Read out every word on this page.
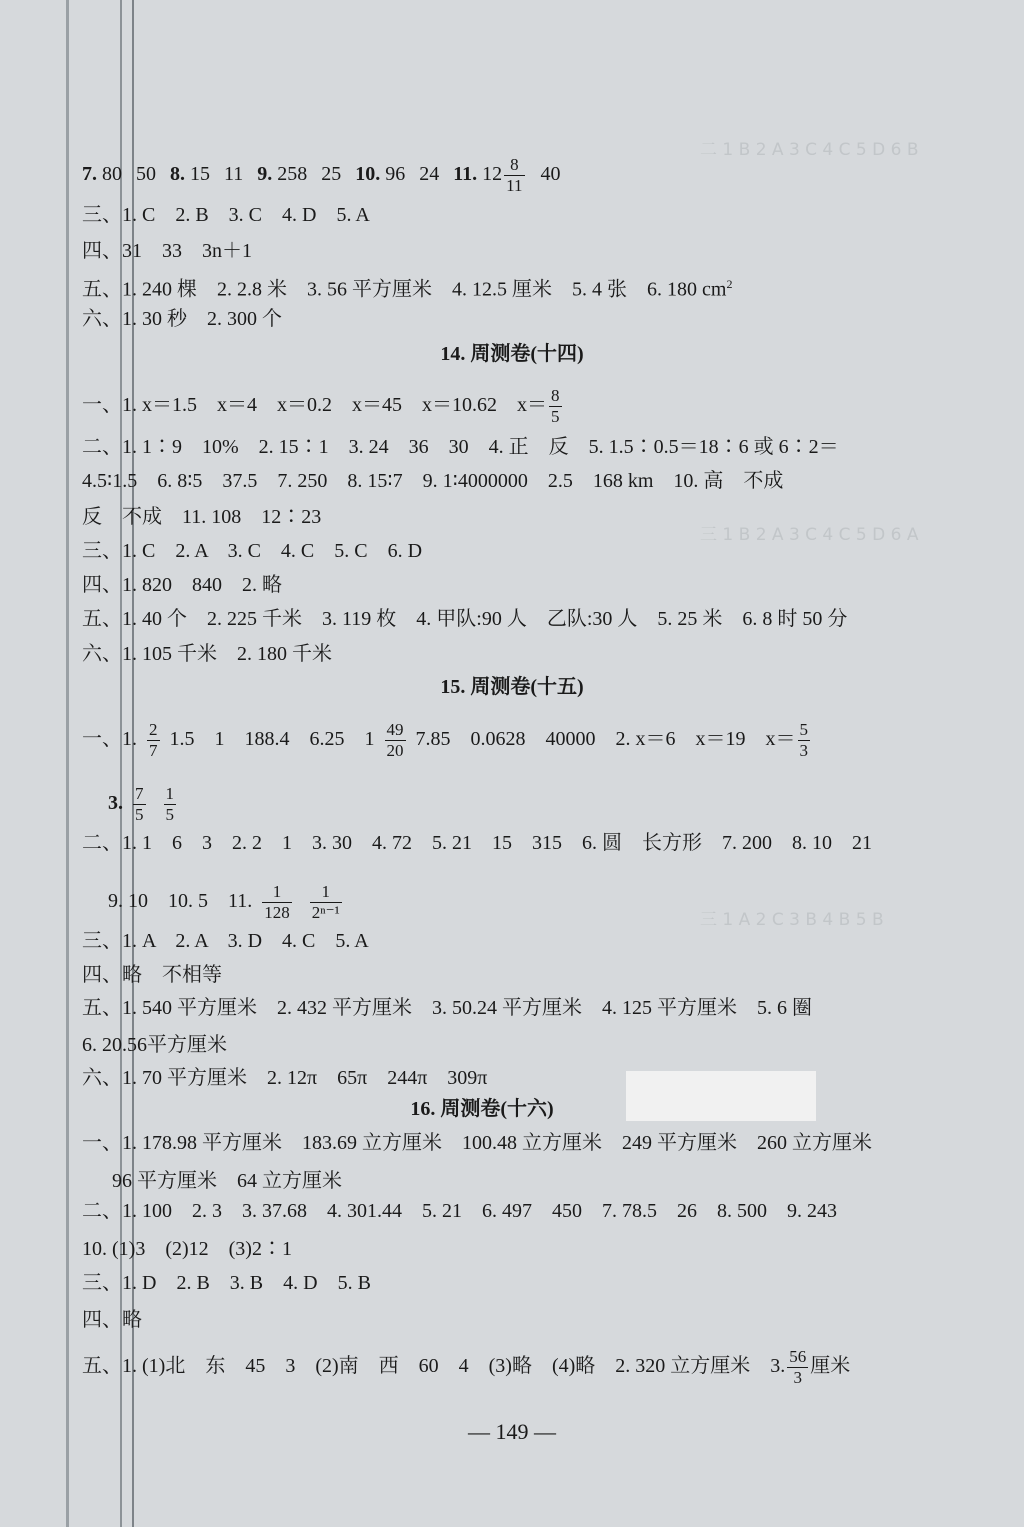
二 1 B 2 A 3 C 4 C 5 D 6 B
三 1 B 2 A 3 C 4 C 5 D 6 A
三 1 A 2 C 3 B 4 B 5 B
7. 80 50 8. 15 11 9. 258 25 10. 96 24 11. $12 \frac{8}{11} 40$
三、1. C　2. B　3. C　4. D　5. A
四、31　33　3n＋1
五、1. 240 棵　2. 2.8 米　3. 56 平方厘米　4. 12.5 厘米　5. 4 张　6. 180 $cm^2$
六、1. 30 秒　2. 300 个
14. 周测卷(十四)
一、1. x＝1.5　x＝4　x＝0.2　x＝45　x＝10.62　$x= \frac{8}{5}$
二、1. 1∶9　10%　2. 15∶1　3. 24　36　30　4. 正　反　5. 1.5∶0.5＝18∶6 或 6∶2＝
4.5∶1.5　6. 8∶5　37.5　7. 250　8. 15∶7　9. 1∶4000000　2.5　168 km　10. 高　不成
反　不成　11. 108　12∶23
三、1. C　2. A　3. C　4. C　5. C　6. D
四、1. 820　840　2. 略
五、1. 40 个　2. 225 千米　3. 119 枚　4. 甲队:90 人　乙队:30 人　5. 25 米　6. 8 时 50 分
六、1. 105 千米　2. 180 千米
15. 周测卷(十五)
一、1. $\frac{2}{7} 1.5$　1　188.4　6.25　$1 \frac{49}{20} 7.85$　0.0628　40000　2. x＝6　x＝19　$x= \frac{5}{3}$
3. $\frac{7}{5} \frac{1}{5}$
二、1. 1　6　3　2. 2　1　3. 30　4. 72　5. 21　15　315　6. 圆　长方形　7. 200　8. 10　21
9. 10　10. 5　11. $\frac{1}{128} \frac{1}{\text{2ⁿ⁻¹}}$
三、1. A　2. A　3. D　4. C　5. A
四、略　不相等
五、1. 540 平方厘米　2. 432 平方厘米　3. 50.24 平方厘米　4. 125 平方厘米　5. 6 圈
6. 20.56平方厘米
六、1. 70 平方厘米　2. 12π　65π　244π　309π
16. 周测卷(十六)
一、1. 178.98 平方厘米　183.69 立方厘米　100.48 立方厘米　249 平方厘米　260 立方厘米
96 平方厘米　64 立方厘米
二、1. 100　2. 3　3. 37.68　4. 301.44　5. 21　6. 497　450　7. 78.5　26　8. 500　9. 243
10. (1)3　(2)12　(3)2∶1
三、1. D　2. B　3. B　4. D　5. B
四、略
五、1. (1)北　东　45　3　(2)南　西　60　4　(3)略　(4)略　2. 320 立方厘米　3. $\frac{56}{3}$ 厘米
— 149 —
